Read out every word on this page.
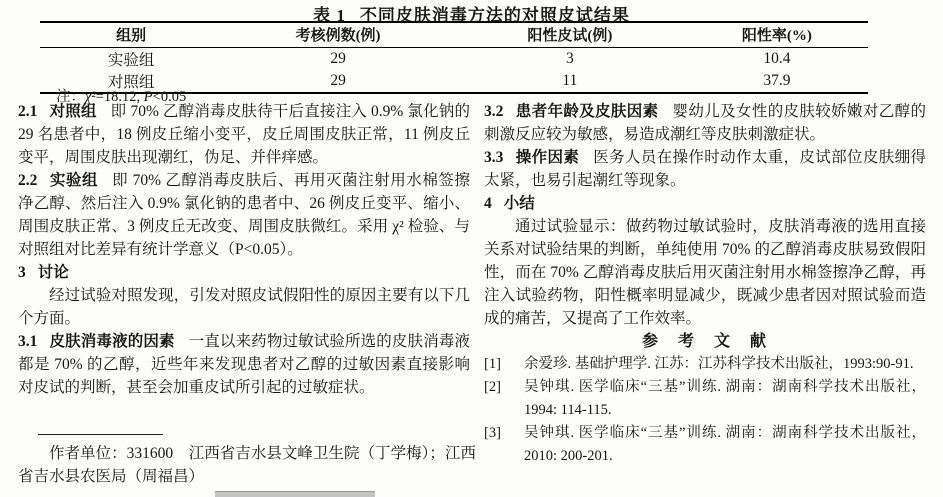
表 1 不同皮肤消毒方法的对照皮试结果
组别	考核例数(例)	阳性皮试(例)	阳性率(%)
实验组	29	3	10.4
对照组	29	11	37.9
注：χ²=18.12, P<0.05

2.1 对照组 即 70% 乙醇消毒皮肤待干后直接注入 0.9% 氯化钠的 29 名患者中，18 例皮丘缩小变平，皮丘周围皮肤正常，11 例皮丘变平，周围皮肤出现潮红，伪足、并伴痒感。

2.2 实验组 即 70% 乙醇消毒皮肤后、再用灭菌注射用水棉签擦净乙醇、然后注入 0.9% 氯化钠的患者中、26 例皮丘变平、缩小、周围皮肤正常、3 例皮丘无改变、周围皮肤微红。采用 χ² 检验、与对照组对比差异有统计学意义（P<0.05）。

3 讨论

经过试验对照发现，引发对照皮试假阳性的原因主要有以下几个方面。

3.1 皮肤消毒液的因素 一直以来药物过敏试验所选的皮肤消毒液都是 70% 的乙醇，近些年来发现患者对乙醇的过敏因素直接影响对皮试的判断，甚至会加重皮试所引起的过敏症状。

3.2 患者年龄及皮肤因素 婴幼儿及女性的皮肤较娇嫩对乙醇的刺激反应较为敏感，易造成潮红等皮肤刺激症状。

3.3 操作因素 医务人员在操作时动作太重，皮试部位皮肤绷得太紧，也易引起潮红等现象。

4 小结

通过试验显示：做药物过敏试验时，皮肤消毒液的选用直接关系对试验结果的判断，单纯使用 70% 的乙醇消毒皮肤易致假阳性，而在 70% 乙醇消毒皮肤后用灭菌注射用水棉签擦净乙醇，再注入试验药物，阳性概率明显减少，既减少患者因对照试验而造成的痛苦，又提高了工作效率。

参　考　文　献

[1]	余爱珍. 基础护理学. 江苏：江苏科学技术出版社，1993:90-91.
[2]	吴钟琪. 医学临床“三基”训练. 湖南：湖南科学技术出版社，1994: 114-115.
[3]	吴钟琪. 医学临床“三基”训练. 湖南：湖南科学技术出版社，2010: 200-201.

作者单位：331600　江西省吉水县文峰卫生院（丁学梅）；江西省吉水县农医局（周福昌）
